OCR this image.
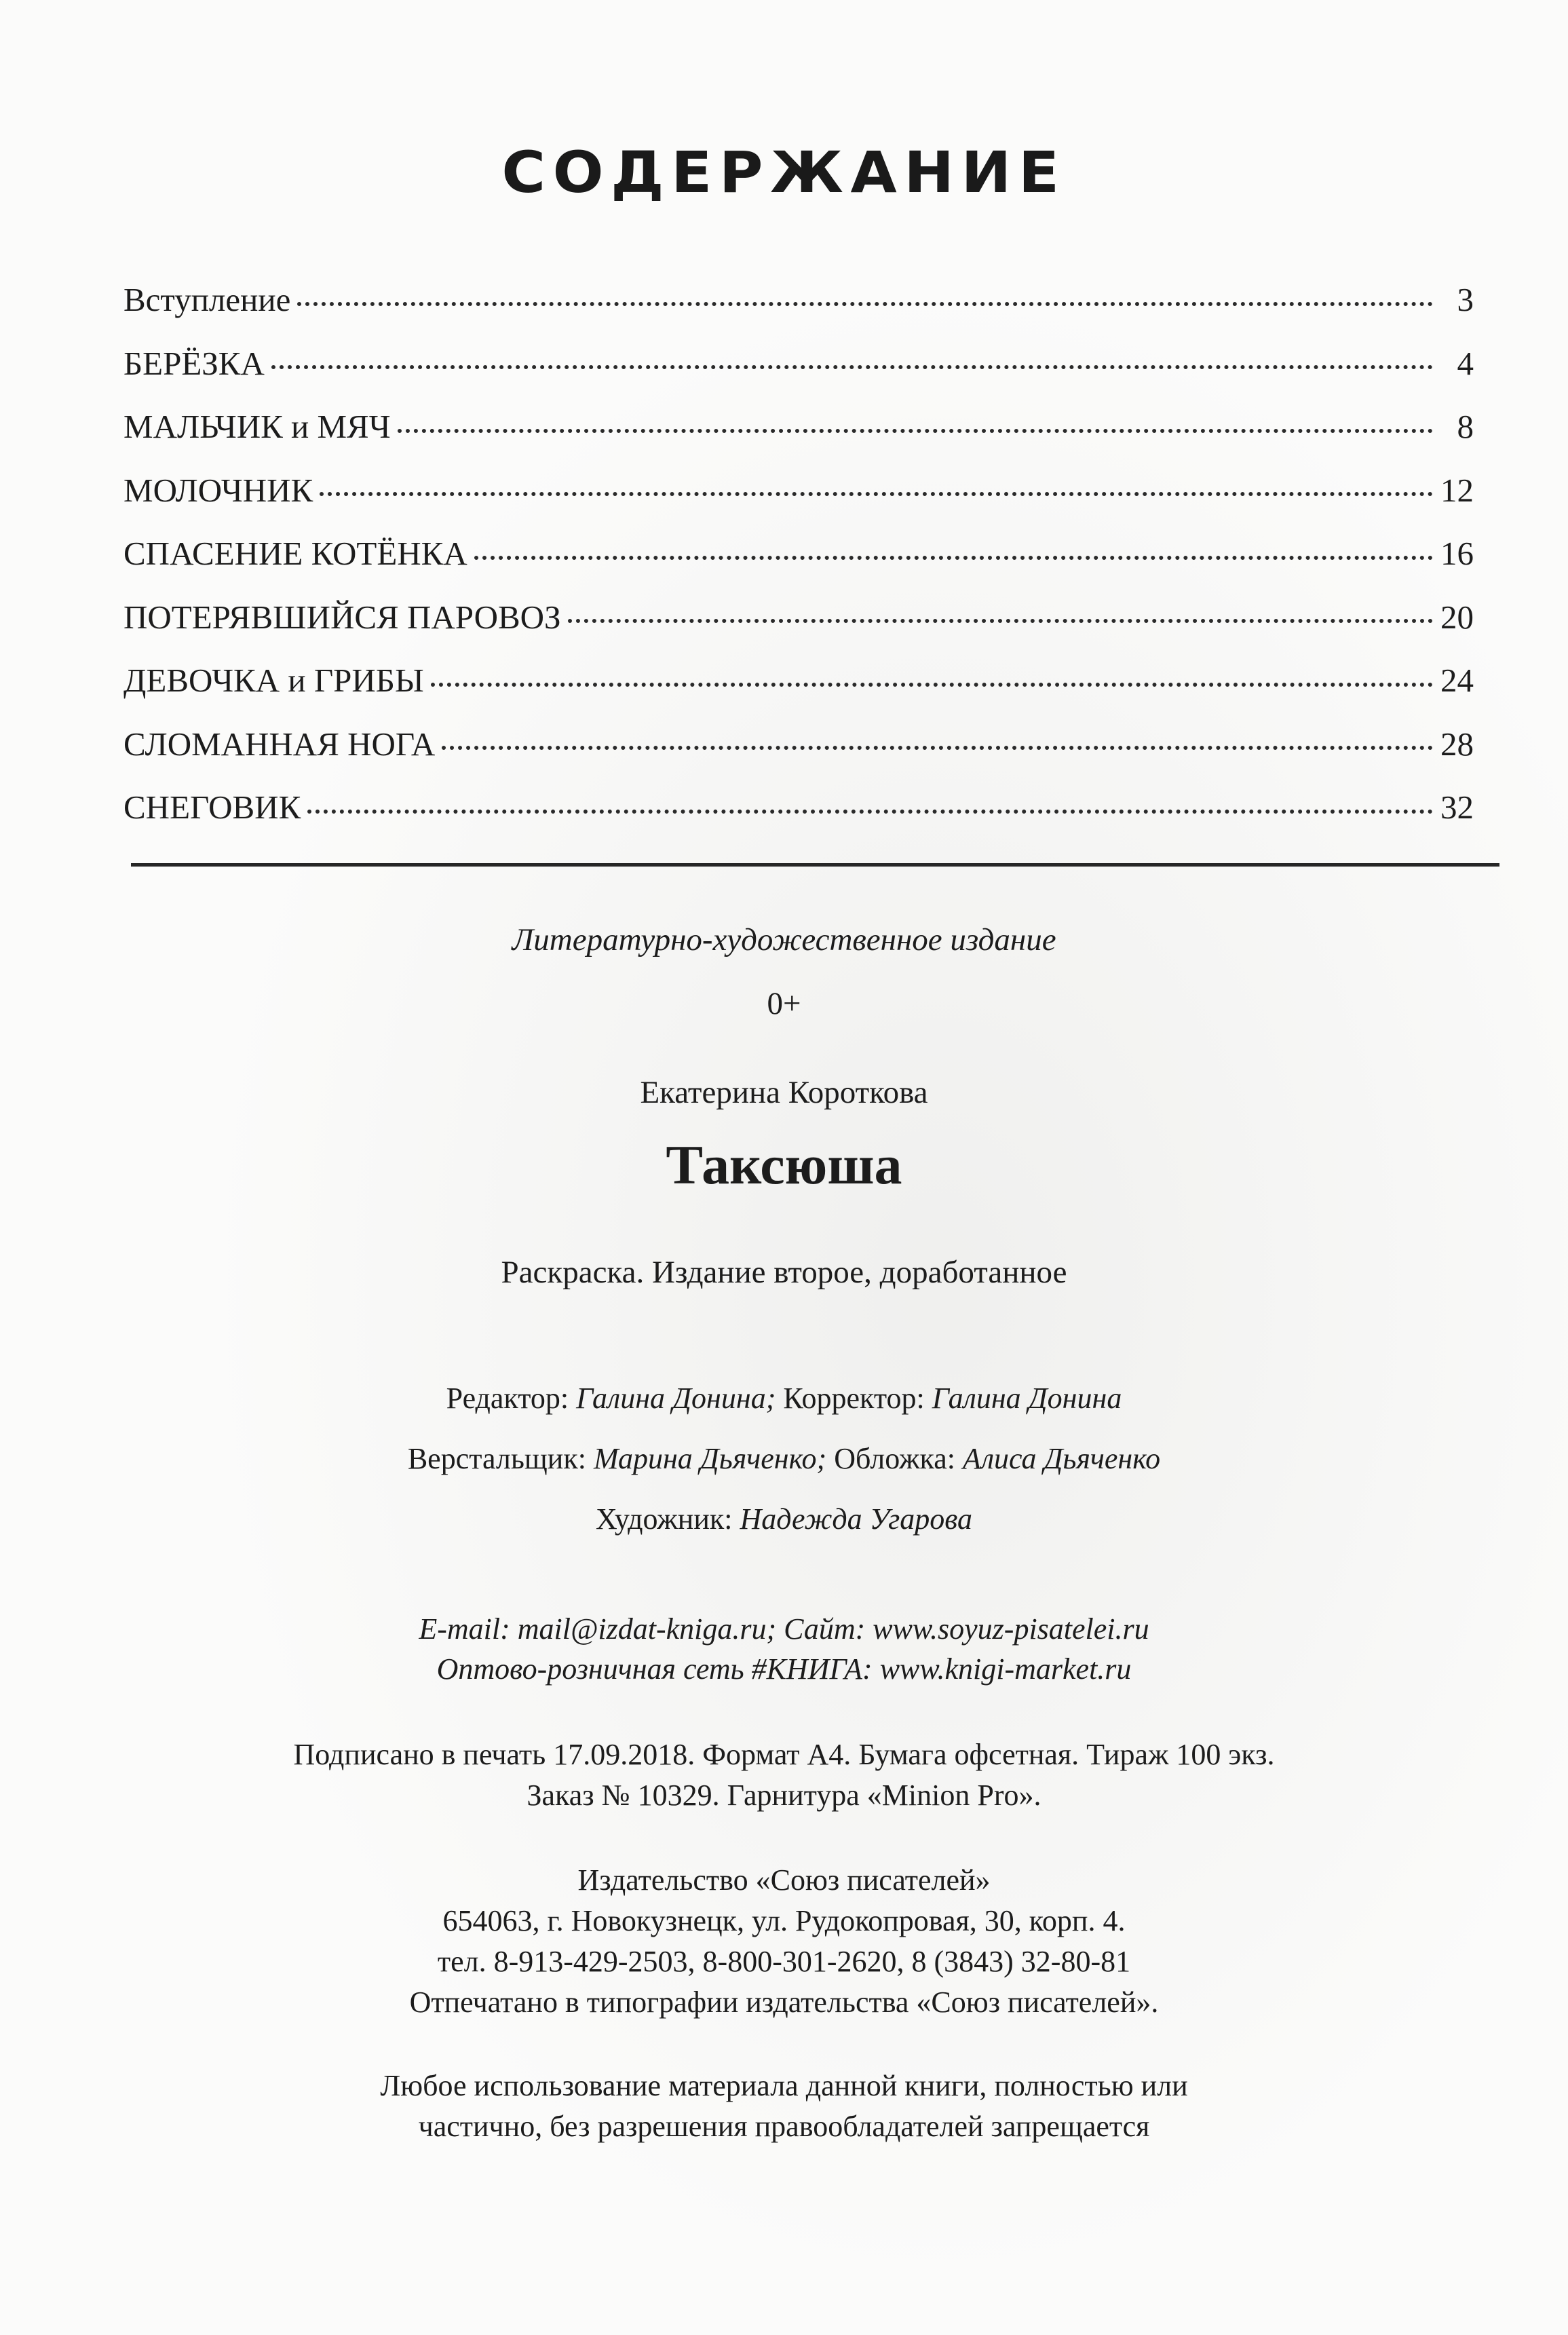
СОДЕРЖАНИЕ
Вступление	3
БЕРЁЗКА	4
МАЛЬЧИК и МЯЧ	8
МОЛОЧНИК	12
СПАСЕНИЕ КОТЁНКА	16
ПОТЕРЯВШИЙСЯ ПАРОВОЗ	20
ДЕВОЧКА и ГРИБЫ	24
СЛОМАННАЯ НОГА	28
СНЕГОВИК	32
Литературно-художественное издание
0+
Екатерина Короткова
Таксюша
Раскраска. Издание второе, доработанное
Редактор: Галина Донина; Корректор: Галина Донина
Верстальщик: Марина Дьяченко; Обложка: Алиса Дьяченко
Художник: Надежда Угарова
E-mail: mail@izdat-kniga.ru; Сайт: www.soyuz-pisatelei.ru
Оптово-розничная сеть #КНИГА: www.knigi-market.ru
Подписано в печать 17.09.2018. Формат А4. Бумага офсетная. Тираж 100 экз.
Заказ № 10329. Гарнитура «Minion Pro».
Издательство «Союз писателей»
654063, г. Новокузнецк, ул. Рудокопровая, 30, корп. 4.
тел. 8-913-429-2503, 8-800-301-2620, 8 (3843) 32-80-81
Отпечатано в типографии издательства «Союз писателей».
Любое использование материала данной книги, полностью или
частично, без разрешения правообладателей запрещается
